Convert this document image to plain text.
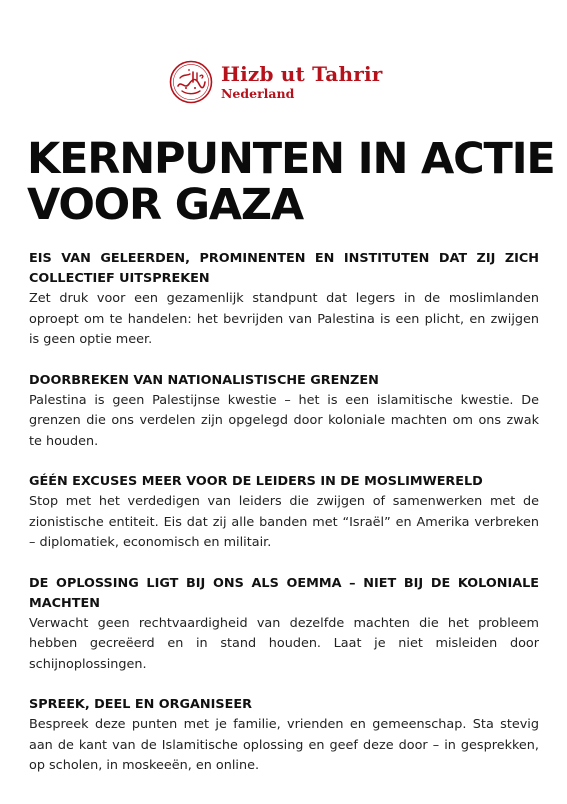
Hizb ut Tahrir
Nederland
KERNPUNTEN IN ACTIE
VOOR GAZA

EIS VAN GELEERDEN, PROMINENTEN EN INSTITUTEN DAT ZIJ ZICH COLLECTIEF UITSPREKEN

Zet druk voor een gezamenlijk standpunt dat legers in de moslimlanden oproept om te handelen: het bevrijden van Palestina is een plicht, en zwijgen is geen optie meer.

DOORBREKEN VAN NATIONALISTISCHE GRENZEN

Palestina is geen Palestijnse kwestie – het is een islamitische kwestie. De grenzen die ons verdelen zijn opgelegd door koloniale machten om ons zwak te houden.

GÉÉN EXCUSES MEER VOOR DE LEIDERS IN DE MOSLIMWERELD

Stop met het verdedigen van leiders die zwijgen of samenwerken met de zionistische entiteit. Eis dat zij alle banden met “Israël” en Amerika verbreken – diplomatiek, economisch en militair.

DE OPLOSSING LIGT BIJ ONS ALS OEMMA – NIET BIJ DE KOLONIALE MACHTEN

Verwacht geen rechtvaardigheid van dezelfde machten die het probleem hebben gecreëerd en in stand houden. Laat je niet misleiden door schijnoplossingen.

SPREEK, DEEL EN ORGANISEER

Bespreek deze punten met je familie, vrienden en gemeenschap. Sta stevig aan de kant van de Islamitische oplossing en geef deze door – in gesprekken, op scholen, in moskeeën, en online.
